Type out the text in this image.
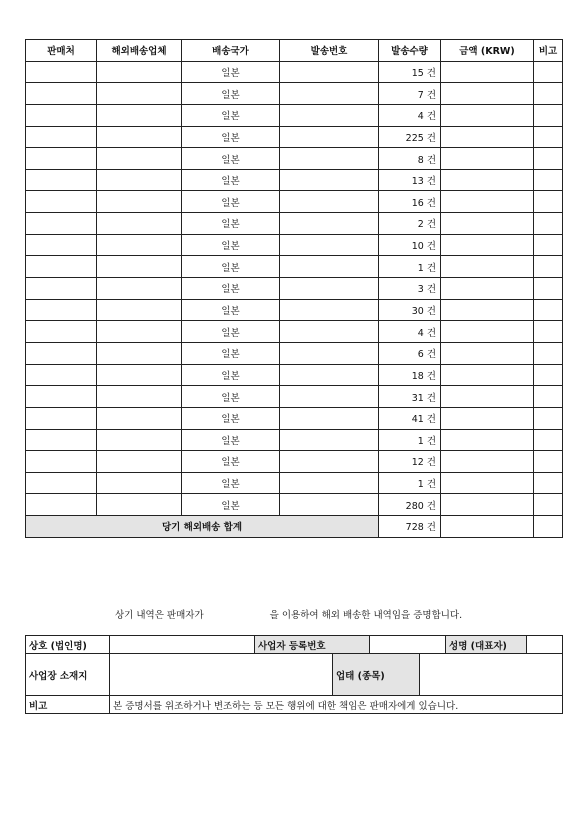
판매처	해외배송업체	배송국가	발송번호	발송수량	금액 (KRW)	비고
		일본		15 건		
		일본		7 건		
		일본		4 건		
		일본		225 건		
		일본		8 건		
		일본		13 건		
		일본		16 건		
		일본		2 건		
		일본		10 건		
		일본		1 건		
		일본		3 건		
		일본		30 건		
		일본		4 건		
		일본		6 건		
		일본		18 건		
		일본		31 건		
		일본		41 건		
		일본		1 건		
		일본		12 건		
		일본		1 건		
		일본		280 건		
당기 해외배송 합계				728 건		
상기 내역은 판매자가	을 이용하여 해외 배송한 내역임을 증명합니다.
상호 (법인명)		사업자 등록번호				성명 (대표자)	
사업장 소재지			업태 (종목)				
비고	본 증명서를 위조하거나 변조하는 등 모든 행위에 대한 책임은 판매자에게 있습니다.						
